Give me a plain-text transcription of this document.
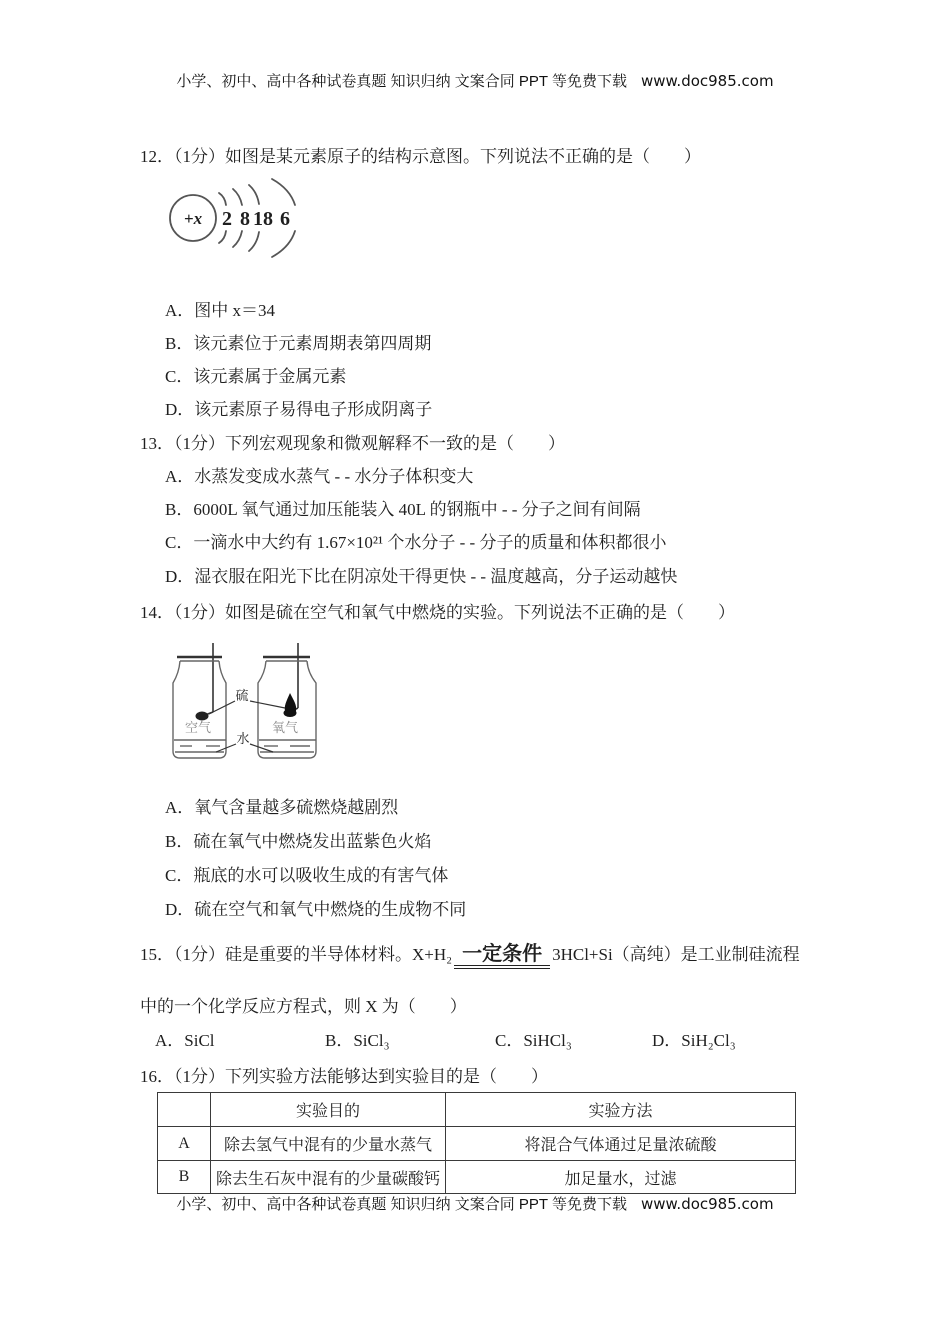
小学、初中、高中各种试卷真题 知识归纳 文案合同 PPT 等免费下载 www.doc985.com
12．（1分）如图是某元素原子的结构示意图。下列说法不正确的是（　　）
+x 2 8 18 6
A．图中 x＝34
B．该元素位于元素周期表第四周期
C．该元素属于金属元素
D．该元素原子易得电子形成阴离子
13．（1分）下列宏观现象和微观解释不一致的是（　　）
A．水蒸发变成水蒸气 - - 水分子体积变大
B．6000L 氧气通过加压能装入 40L 的钢瓶中 - - 分子之间有间隔
C．一滴水中大约有 1.67×10²¹ 个水分子 - - 分子的质量和体积都很小
D．湿衣服在阳光下比在阴凉处干得更快 - - 温度越高，分子运动越快
14．（1分）如图是硫在空气和氧气中燃烧的实验。下列说法不正确的是（　　）
硫
空气	氧气
水
A．氧气含量越多硫燃烧越剧烈
B．硫在氧气中燃烧发出蓝紫色火焰
C．瓶底的水可以吸收生成的有害气体
D．硫在空气和氧气中燃烧的生成物不同
15．（1分）硅是重要的半导体材料。X+H₂ 一定条件 3HCl+Si（高纯）是工业制硅流程
中的一个化学反应方程式，则 X 为（　　）
A．SiCl	B．SiCl₃	C．SiHCl₃	D．SiH₂Cl₃
16．（1分）下列实验方法能够达到实验目的是（　　）
	实验目的	实验方法
A	除去氢气中混有的少量水蒸气	将混合气体通过足量浓硫酸
B	除去生石灰中混有的少量碳酸钙	加足量水，过滤
小学、初中、高中各种试卷真题 知识归纳 文案合同 PPT 等免费下载 www.doc985.com
